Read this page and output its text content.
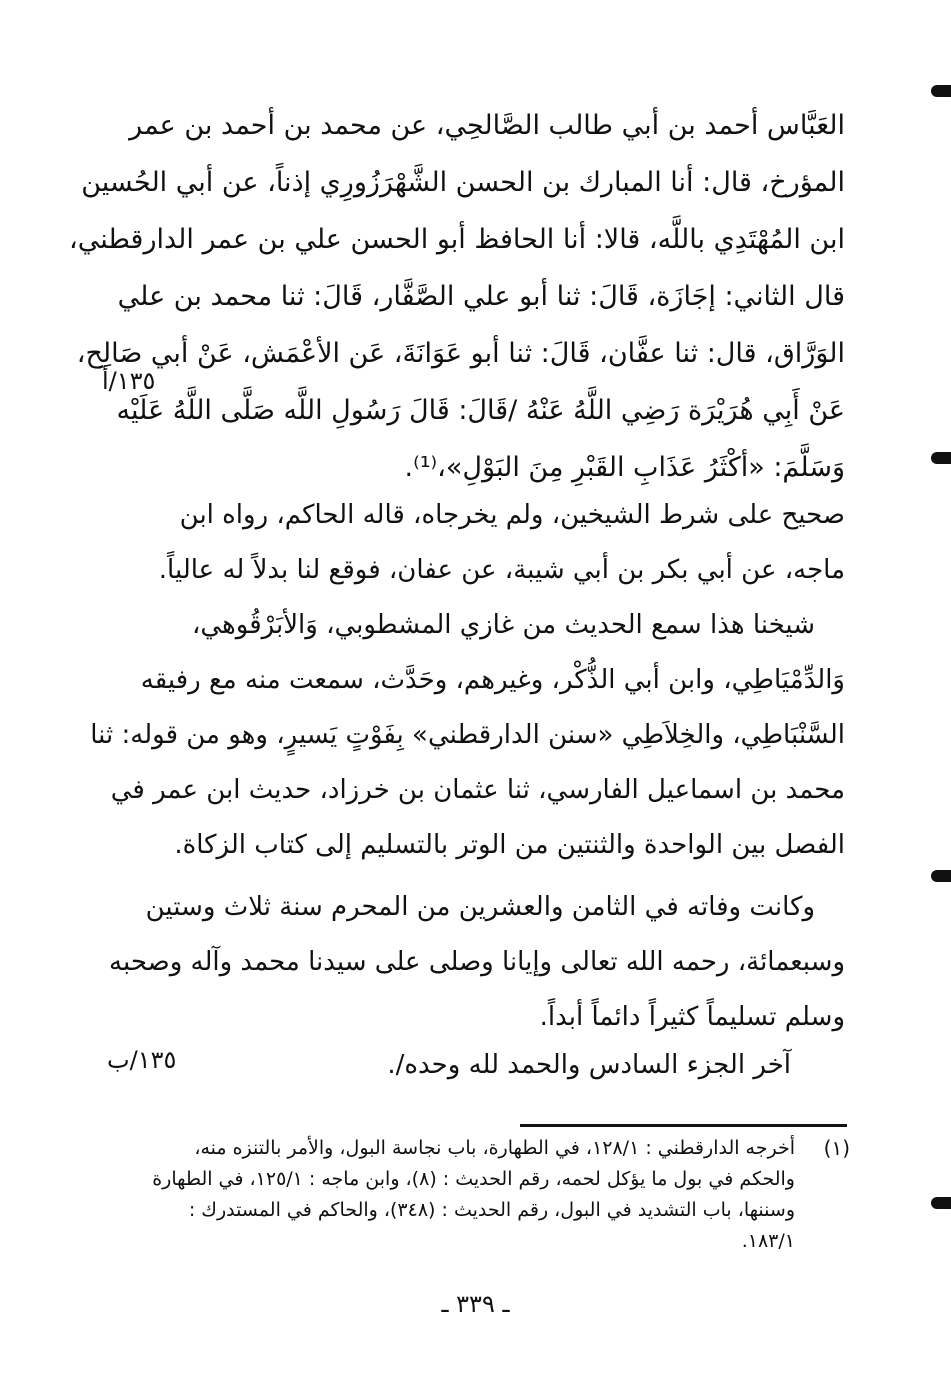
العَبَّاس أحمد بن أبي طالب الصَّالحِي، عن محمد بن أحمد بن عمر
المؤرخ، قال: أنا المبارك بن الحسن الشَّهْرَزُورِي إذناً، عن أبي الحُسين
ابن المُهْتَدِي باللَّه، قالا: أنا الحافظ أبو الحسن علي بن عمر الدارقطني،
قال الثاني: إجَازَة، قَالَ: ثنا أبو علي الصَّفَّار، قَالَ: ثنا محمد بن علي
الوَرَّاق، قال: ثنا عفَّان، قَالَ: ثنا أبو عَوَانَةَ، عَن الأعْمَش، عَنْ أبي صَالِح،
عَنْ أَبِي هُرَيْرَة رَضِي اللَّهُ عَنْهُ /قَالَ: قَالَ رَسُولِ اللَّه صَلَّى اللَّهُ عَلَيْه
وَسَلَّمَ: «أكْثَرُ عَذَابِ القَبْرِ مِنَ البَوْلِ»،⁽¹⁾.
١٣٥/أ
صحيح على شرط الشيخين، ولم يخرجاه، قاله الحاكم، رواه ابن
ماجه، عن أبي بكر بن أبي شيبة، عن عفان، فوقع لنا بدلاً له عالياً.
شيخنا هذا سمع الحديث من غازي المشطوبي، وَالأبَرْقُوهي،
وَالدِّمْيَاطِي، وابن أبي الذُّكْر، وغيرهم، وحَدَّث، سمعت منه مع رفيقه
السَّنْبَاطِي، والخِلاَطِي «سنن الدارقطني» بِفَوْتٍ يَسيرٍ، وهو من قوله: ثنا
محمد بن اسماعيل الفارسي، ثنا عثمان بن خرزاد، حديث ابن عمر في
الفصل بين الواحدة والثنتين من الوتر بالتسليم إلى كتاب الزكاة.
وكانت وفاته في الثامن والعشرين من المحرم سنة ثلاث وستين
وسبعمائة، رحمه الله تعالى وإيانا وصلى على سيدنا محمد وآله وصحبه
وسلم تسليماً كثيراً دائماً أبداً.
آخر الجزء السادس والحمد لله وحده/.
١٣٥/ب
(١)
أخرجه الدارقطني : ١٢٨/١، في الطهارة، باب نجاسة البول، والأمر بالتنزه منه،
والحكم في بول ما يؤكل لحمه، رقم الحديث : (٨)، وابن ماجه : ١٢٥/١، في الطهارة
وسننها، باب التشديد في البول، رقم الحديث : (٣٤٨)، والحاكم في المستدرك :
١٨٣/١.
ـ ٣٣٩ ـ
